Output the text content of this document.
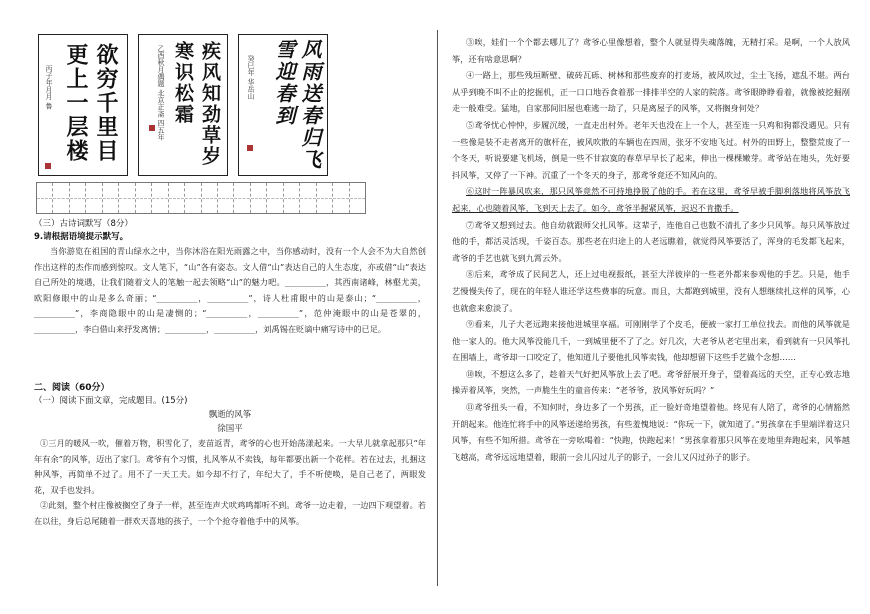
欲穷千里目更上一层楼
丙子年月月 鲁	疾风知劲草岁寒识松霜
乙酉秋月偶题 北京正斋 四五年	风雨送春归飞雪迎春到
癸巳年 华岳山
（三）古诗词默写（8分）
9.请根据语境提示默写。
当你游览在祖国的青山绿水之中，当你沐浴在阳光雨露之中，当你感动时，没有一个人会不为大自然创作出这样的杰作而感到惊叹。文人笔下，“山”各有姿态。文人借“山”表达自己的人生态度，亦或借“山”表达自己所处的境遇，让我们随着文人的笔触一起去领略“山”的魅力吧。__________，其西南诸峰，林壑尤美，欧阳修眼中的山是多么奇丽；“__________，__________”，诗人杜甫眼中的山是泰山；“__________，__________”，李商隐眼中的山是凄恻的；“__________，__________”，范仲淹眼中的山是苍翠的，__________，李白借山来抒发离情；__________，__________，刘禹锡在贬谪中痛写诗中的已足。
二、阅读（60分）
（一）阅读下面文章，完成题目。(15分)
飘逝的风筝
徐国平
①三月的暖风一吹，催着万物，积雪化了，麦苗返青，鸢爷的心也开始荡漾起来。一大早儿就拿起那只“年年有余”的风筝，迈出了家门。鸢爷有个习惯，扎风筝从不卖钱，每年都要出新一个花样。若在过去，扎捆这种风筝，再简单不过了。用不了一天工夫。如今却不行了，年纪大了，手不听使唤，是自己老了，两眼发花，双手也发抖。
②此刻，整个村庄像被搁空了身子一样，甚至连声犬吠鸡鸣都听不到。鸢爷一边走着，一边四下观望着。若在以往，身后总尾随着一群欢天喜地的孩子，一个个抢夺着他手中的风筝。
③唉，娃们一个个都去哪儿了？鸢爷心里像想着，整个人就显得失魂落魄，无精打采。是啊，一个人放风筝，还有啥意思啊？
④一路上，那些残垣断壁、破砖瓦砾、树林和那些废弃的打麦场，被风吹过，尘土飞扬，遮乱不堪。两台从乎到晚不叫不止的挖掘机，正一口口地吞食着那一排排半空的人家的院落。鸢爷眼睁睁看着，就像被挖掘剐走一般难受。猛地，自家那间旧屋也难逃一劫了，只是离屋子的风筝，又将搁身何处？
⑤鸢爷忧心忡忡，步履沉缓，一直走出村外。老年天也没在上一个人，甚至连一只鸡和狗都没遇见。只有一些像是装不走者离开的旗杆在，被风吹散的车辆也在四周，张牙不安地飞过。村外的田野上，整整荒废了一个冬天，听说要建飞机场，倒是一些不甘寂寞的春草早早长了起来，伸出一棵棵嫩芽。鸢爷站在地头，先好要抖风筝，又停了一下神。沉重了一个冬天的身子，那鸢爷竟还不知风向的。
⑥这时一阵暴风吹来，那只风筝竟然不可持地挣脱了他的手。若在这里，鸢爷早被手脚利落地将风筝放飞起来，心也随着风筝，飞到天上去了。如今，鸢爷半握紧风筝，迟迟不肯撒手。
⑦鸢爷又想到过去。他自幼就跟师父扎风筝。这辈子，连他自己也数不清扎了多少只风筝。每只风筝放过他的手，都活灵活现，千姿百态。那些老在归途上的人老远瞧着，就觉得风筝要活了，浑身的毛发都飞起来，鸢爷的手艺也就飞到九霄云外。
⑧后来，鸢爷成了民间艺人，还上过电视报纸，甚至大洋彼岸的一些老外都来参观他的手艺。只是，他手艺慢慢失传了，现在的年轻人谁还学这些费事的玩意。而且，大都跑到城里，没有人想继续扎这样的风筝，心也就愈来愈淡了。
⑨看来，儿子大老远跑来接他进城里享福。可刚刚学了个皮毛，便被一家打工单位找去。而他的风筝就是他一家人的。他大风筝没能几千，一到城里便不了了之。好几次，大老爷从老宅里出来，看到就有一只风筝扎在围墙上，鸢爷却一口咬定了，他知道儿子要他扎风筝卖钱，他却想留下这些手艺做个念想……
⑩唉，不想这么多了，趁着天气好把风筝放上去了吧。鸢爷舒展开身子，望着高远的天空，正专心致志地操弄着风筝，突然，一声脆生生的童音传来：“老爷爷，放风筝好玩吗？”
⑪鸢爷扭头一看，不知何时，身边多了一个男孩，正一脸好奇地望着他。终见有人陪了，鸢爷的心情豁然开朗起来。他连忙将手中的风筝送递给男孩，有些羞愧地说：“你玩一下，就知道了。”男孩拿在手里端详着这只风筝，有些不知所措。鸢爷在一旁吆喝着：“快跑，快跑起来！”男孩拿着那只风筝在麦地里奔跑起来，风筝越飞越高，鸢爷远远地望着，眼前一会儿闪过儿子的影子，一会儿又闪过孙子的影子。
